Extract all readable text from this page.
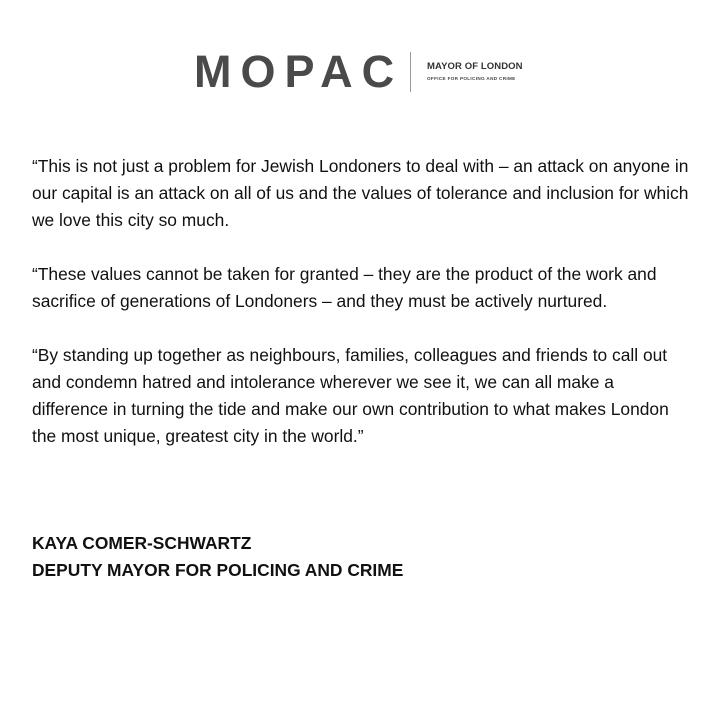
MOPAC	MAYOR OF LONDON
OFFICE FOR POLICING AND CRIME

“This is not just a problem for Jewish Londoners to deal with – an attack on anyone in our capital is an attack on all of us and the values of tolerance and inclusion for which we love this city so much.

“These values cannot be taken for granted – they are the product of the work and sacrifice of generations of Londoners – and they must be actively nurtured.

“By standing up together as neighbours, families, colleagues and friends to call out and condemn hatred and intolerance wherever we see it, we can all make a difference in turning the tide and make our own contribution to what makes London the most unique, greatest city in the world.”

KAYA COMER-SCHWARTZ
DEPUTY MAYOR FOR POLICING AND CRIME
